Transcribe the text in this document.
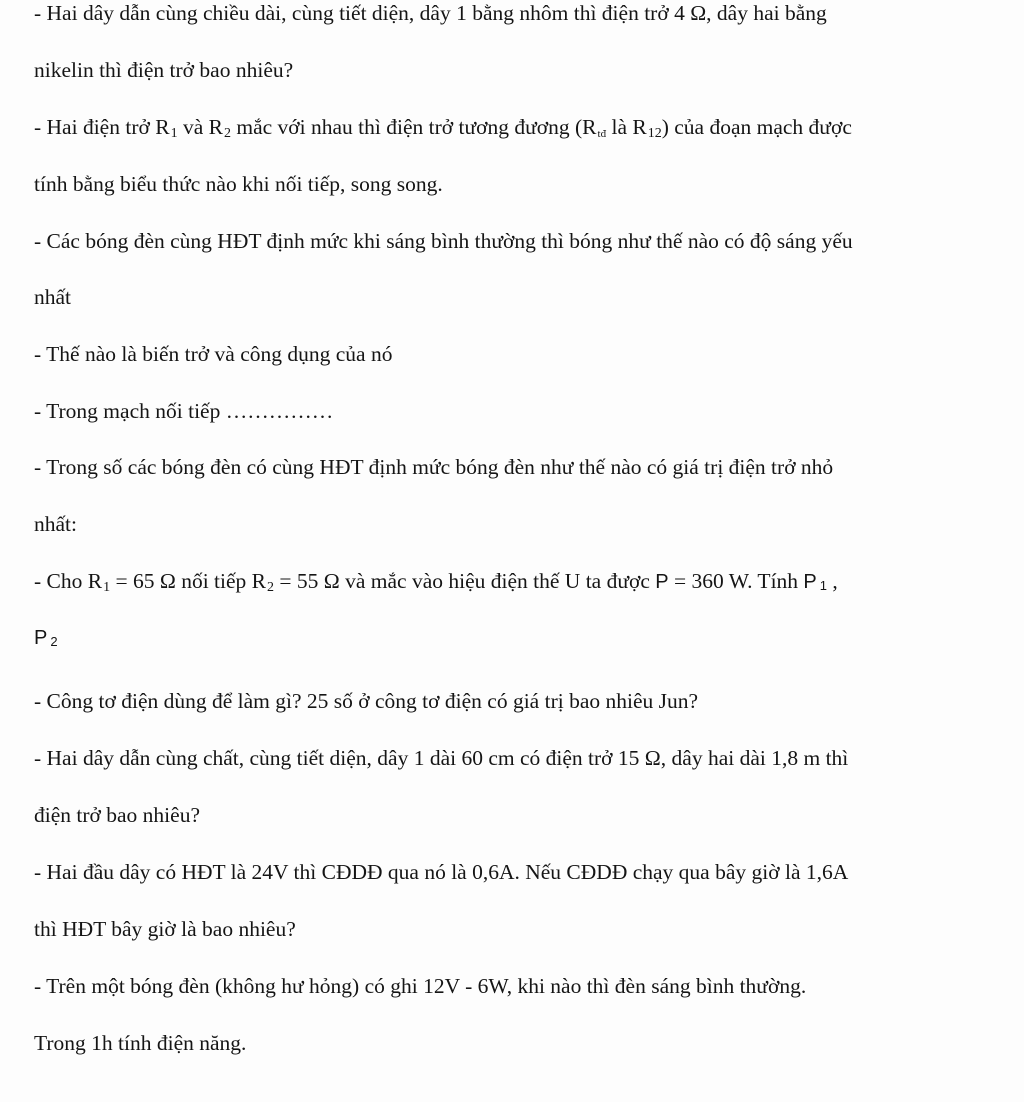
- Hai dây dẫn cùng chiều dài, cùng tiết diện, dây 1 bằng nhôm thì điện trở 4 Ω, dây hai bằng
nikelin thì điện trở bao nhiêu?
- Hai điện trở $R_1$ và $R_2$ mắc với nhau thì điện trở tương đương ($R_{tđ}$ là $R_{12}$) của đoạn mạch được
tính bằng biểu thức nào khi nối tiếp, song song.
- Các bóng đèn cùng HĐT định mức khi sáng bình thường thì bóng như thế nào có độ sáng yếu
nhất
- Thế nào là biến trở và công dụng của nó
- Trong mạch nối tiếp ……………
- Trong số các bóng đèn có cùng HĐT định mức bóng đèn như thế nào có giá trị điện trở nhỏ
nhất:
- Cho $R_1 = 65$ Ω nối tiếp $R_2 = 55$ Ω và mắc vào hiệu điện thế U ta được P = 360 W. Tính P 1 ,
P 2
- Công tơ điện dùng để làm gì? 25 số ở công tơ điện có giá trị bao nhiêu Jun?
- Hai dây dẫn cùng chất, cùng tiết diện, dây 1 dài 60 cm có điện trở 15 Ω, dây hai dài 1,8 m thì
điện trở bao nhiêu?
- Hai đầu dây có HĐT là 24V thì CĐDĐ qua nó là 0,6A. Nếu CĐDĐ chạy qua bây giờ là 1,6A
thì HĐT bây giờ là bao nhiêu?
- Trên một bóng đèn (không hư hỏng) có ghi 12V - 6W, khi nào thì đèn sáng bình thường.
Trong 1h tính điện năng.
